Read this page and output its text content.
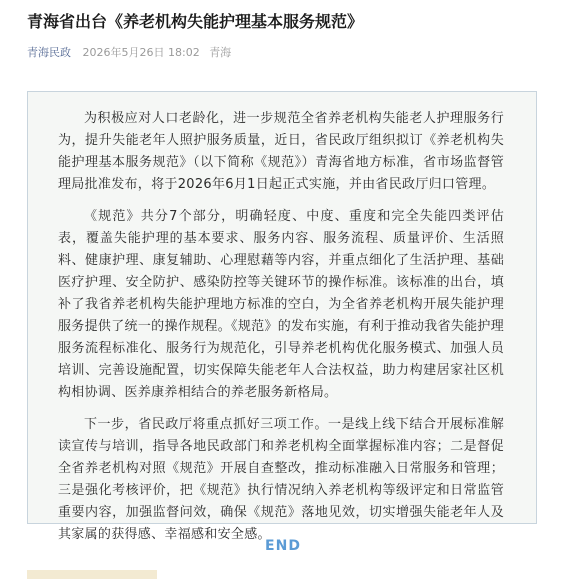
青海省出台《养老机构失能护理基本服务规范》
青海民政 2026年5月26日 18:02 青海

为积极应对人口老龄化，进一步规范全省养老机构失能老人护理服务行为，提升失能老年人照护服务质量，近日，省民政厅组织拟订《养老机构失能护理基本服务规范》（以下简称《规范》）青海省地方标准，省市场监督管理局批准发布，将于2026年6月1日起正式实施，并由省民政厅归口管理。

《规范》共分7个部分，明确轻度、中度、重度和完全失能四类评估表，覆盖失能护理的基本要求、服务内容、服务流程、质量评价、生活照料、健康护理、康复辅助、心理慰藉等内容，并重点细化了生活护理、基础医疗护理、安全防护、感染防控等关键环节的操作标准。该标准的出台，填补了我省养老机构失能护理地方标准的空白，为全省养老机构开展失能护理服务提供了统一的操作规程。《规范》的发布实施，有利于推动我省失能护理服务流程标准化、服务行为规范化，引导养老机构优化服务模式、加强人员培训、完善设施配置，切实保障失能老年人合法权益，助力构建居家社区机构相协调、医养康养相结合的养老服务新格局。

下一步，省民政厅将重点抓好三项工作。一是线上线下结合开展标准解读宣传与培训，指导各地民政部门和养老机构全面掌握标准内容；二是督促全省养老机构对照《规范》开展自查整改，推动标准融入日常服务和管理；三是强化考核评价，把《规范》执行情况纳入养老机构等级评定和日常监管重要内容，加强监督问效，确保《规范》落地见效，切实增强失能老年人及其家属的获得感、幸福感和安全感。

END
